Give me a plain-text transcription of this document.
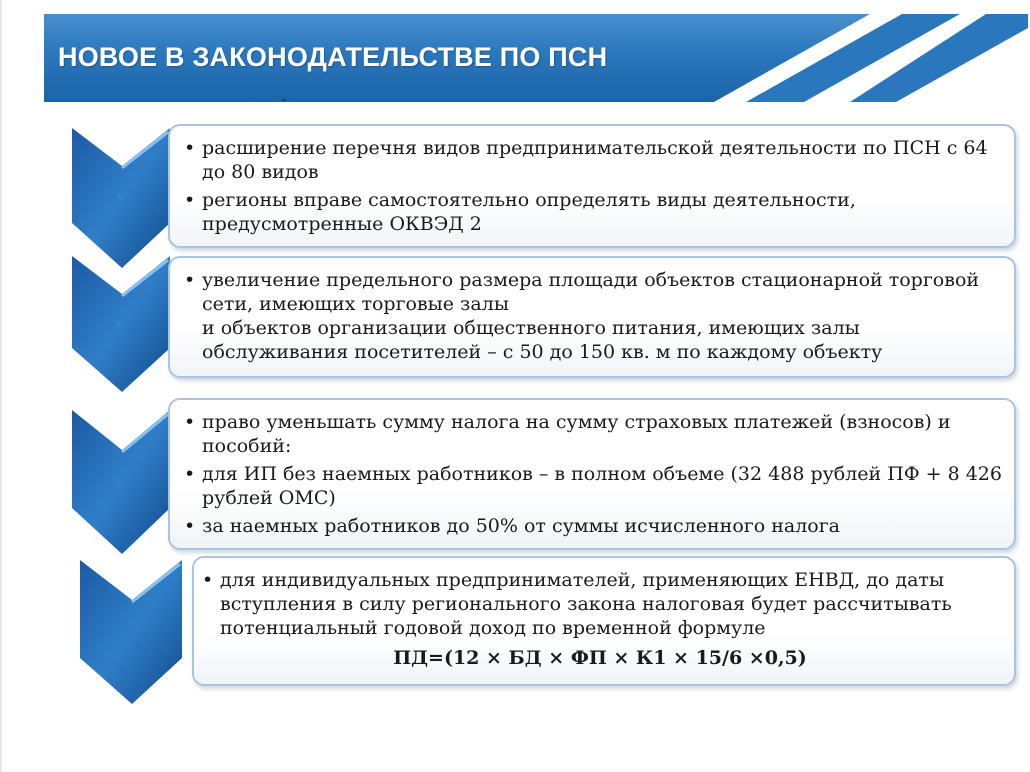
НОВОЕ В ЗАКОНОДАТЕЛЬСТВЕ ПО ПСН
-
-
-
-
• расширение перечня видов предпринимательской деятельности по ПСН с 64 до 80 видов
• регионы вправе самостоятельно определять виды деятельности, предусмотренные ОКВЭД 2
• увеличение предельного размера площади объектов стационарной торговой сети, имеющих торговые залы
и объектов организации общественного питания, имеющих залы обслуживания посетителей – с 50 до 150 кв. м по каждому объекту
• право уменьшать сумму налога на сумму страховых платежей (взносов) и пособий:
• для ИП без наемных работников – в полном объеме (32 488 рублей ПФ + 8 426 рублей ОМС)
• за наемных работников до 50% от суммы исчисленного налога
• для индивидуальных предпринимателей, применяющих ЕНВД, до даты вступления в силу регионального закона налоговая будет рассчитывать потенциальный годовой доход по временной формуле
ПД=(12 × БД × ФП × К1 × 15/6 ×0,5)
